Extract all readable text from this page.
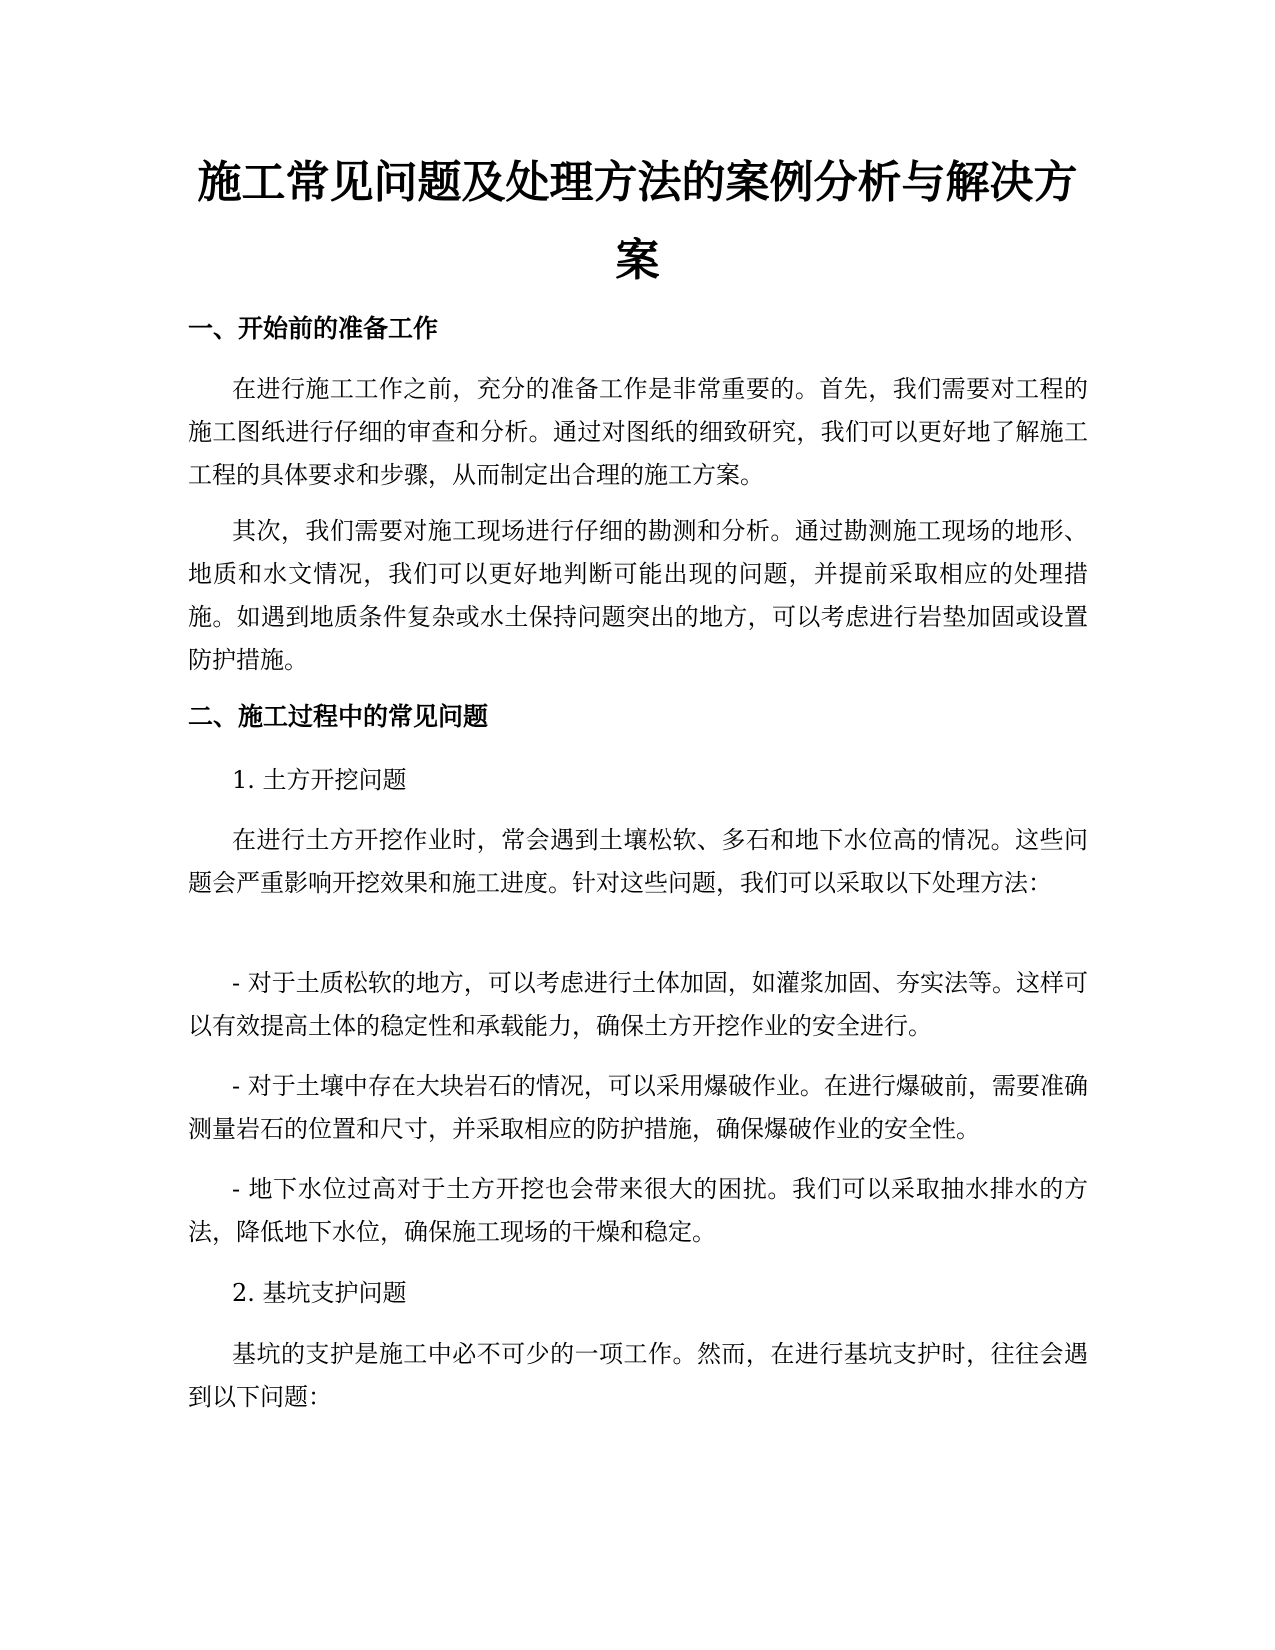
施工常见问题及处理方法的案例分析与解决方案
一、开始前的准备工作

在进行施工工作之前，充分的准备工作是非常重要的。首先，我们需要对工程的施工图纸进行仔细的审查和分析。通过对图纸的细致研究，我们可以更好地了解施工工程的具体要求和步骤，从而制定出合理的施工方案。

其次，我们需要对施工现场进行仔细的勘测和分析。通过勘测施工现场的地形、地质和水文情况，我们可以更好地判断可能出现的问题，并提前采取相应的处理措施。如遇到地质条件复杂或水土保持问题突出的地方，可以考虑进行岩垫加固或设置防护措施。

二、施工过程中的常见问题

1. 土方开挖问题

在进行土方开挖作业时，常会遇到土壤松软、多石和地下水位高的情况。这些问题会严重影响开挖效果和施工进度。针对这些问题，我们可以采取以下处理方法：

- 对于土质松软的地方，可以考虑进行土体加固，如灌浆加固、夯实法等。这样可以有效提高土体的稳定性和承载能力，确保土方开挖作业的安全进行。

- 对于土壤中存在大块岩石的情况，可以采用爆破作业。在进行爆破前，需要准确测量岩石的位置和尺寸，并采取相应的防护措施，确保爆破作业的安全性。

- 地下水位过高对于土方开挖也会带来很大的困扰。我们可以采取抽水排水的方法，降低地下水位，确保施工现场的干燥和稳定。

2. 基坑支护问题

基坑的支护是施工中必不可少的一项工作。然而，在进行基坑支护时，往往会遇到以下问题：
